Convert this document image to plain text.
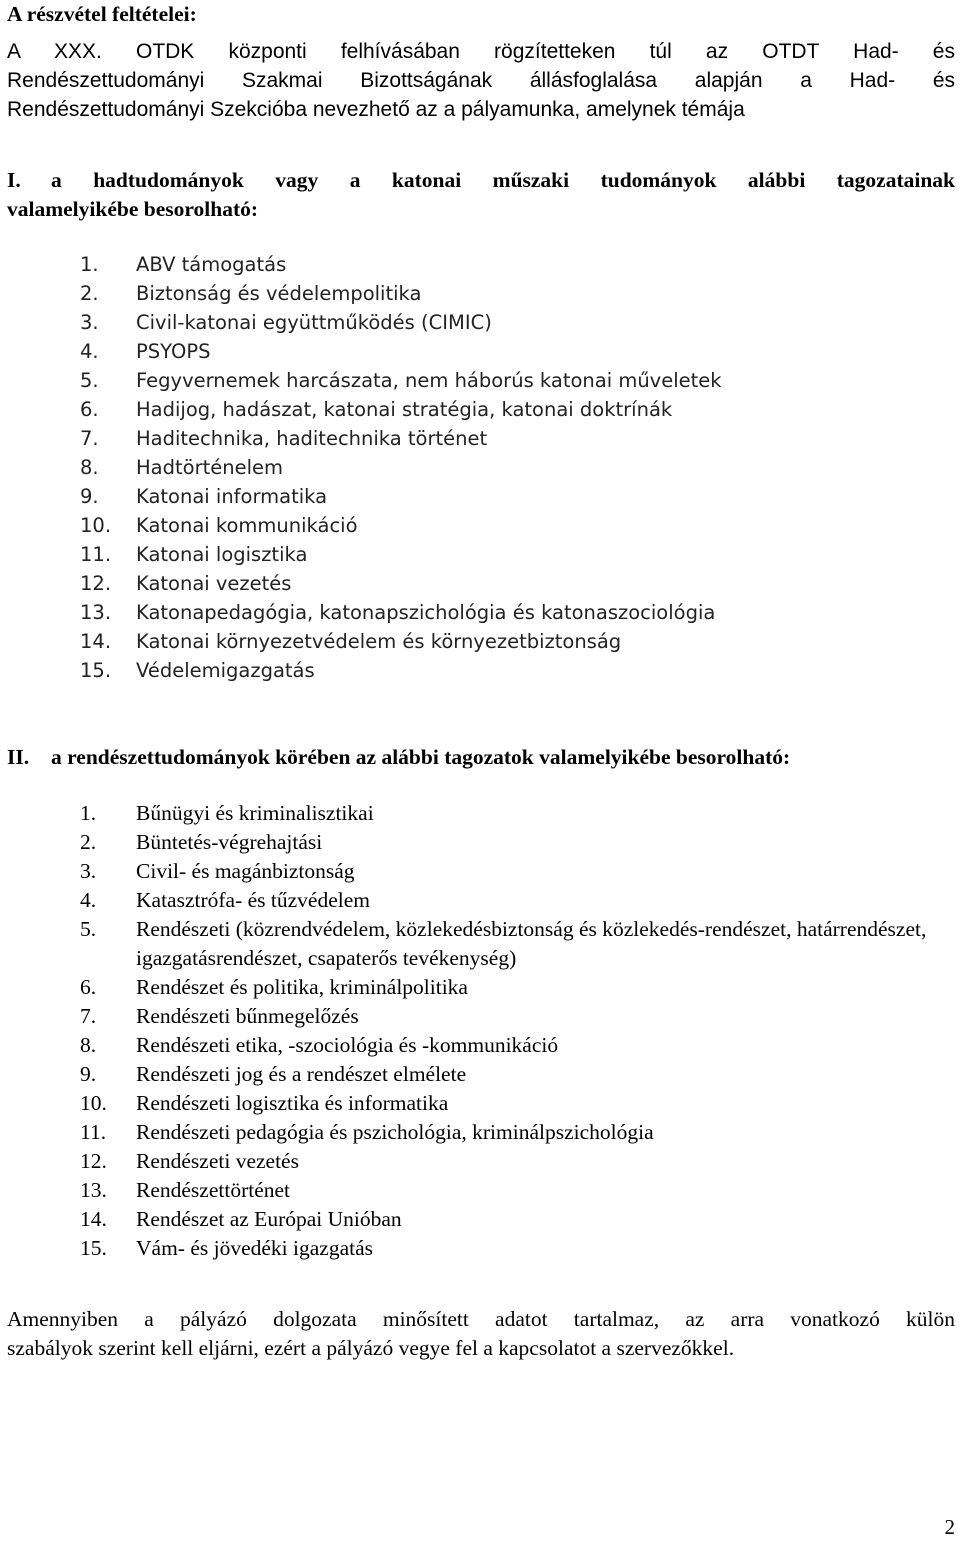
A részvétel feltételei:
A XXX. OTDK központi felhívásában rögzítetteken túl az OTDT Had- és
Rendészettudományi Szakmai Bizottságának állásfoglalása alapján a Had- és
Rendészettudományi Szekcióba nevezhető az a pályamunka, amelynek témája
I. a hadtudományok vagy a katonai műszaki tudományok alábbi tagozatainak
valamelyikébe besorolható:
1. ABV támogatás
2. Biztonság és védelempolitika
3. Civil-katonai együttműködés (CIMIC)
4. PSYOPS
5. Fegyvernemek harcászata, nem háborús katonai műveletek
6. Hadijog, hadászat, katonai stratégia, katonai doktrínák
7. Haditechnika, haditechnika történet
8. Hadtörténelem
9. Katonai informatika
10. Katonai kommunikáció
11. Katonai logisztika
12. Katonai vezetés
13. Katonapedagógia, katonapszichológia és katonaszociológia
14. Katonai környezetvédelem és környezetbiztonság
15. Védelemigazgatás
II. a rendészettudományok körében az alábbi tagozatok valamelyikébe besorolható:
1. Bűnügyi és kriminalisztikai
2. Büntetés-végrehajtási
3. Civil- és magánbiztonság
4. Katasztrófa- és tűzvédelem
5. Rendészeti (közrendvédelem, közlekedésbiztonság és közlekedés-rendészet, határrendészet, igazgatásrendészet, csapaterős tevékenység)
6. Rendészet és politika, kriminálpolitika
7. Rendészeti bűnmegelőzés
8. Rendészeti etika, -szociológia és -kommunikáció
9. Rendészeti jog és a rendészet elmélete
10. Rendészeti logisztika és informatika
11. Rendészeti pedagógia és pszichológia, kriminálpszichológia
12. Rendészeti vezetés
13. Rendészettörténet
14. Rendészet az Európai Unióban
15. Vám- és jövedéki igazgatás
Amennyiben a pályázó dolgozata minősített adatot tartalmaz, az arra vonatkozó külön
szabályok szerint kell eljárni, ezért a pályázó vegye fel a kapcsolatot a szervezőkkel.
2
